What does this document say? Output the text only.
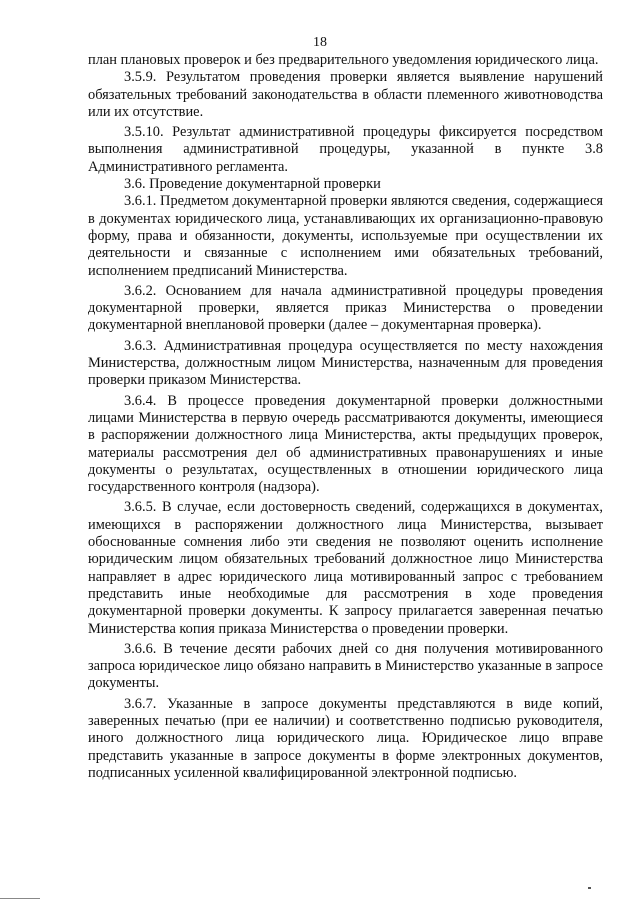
18

план плановых проверок и без предварительного уведомления юридического лица.

3.5.9. Результатом проведения проверки является выявление нарушений обязательных требований законодательства в области племенного животноводства или их отсутствие.

3.5.10. Результат административной процедуры фиксируется посредством выполнения административной процедуры, указанной в пункте 3.8 Административного регламента.

3.6. Проведение документарной проверки

3.6.1. Предметом документарной проверки являются сведения, содержащиеся в документах юридического лица, устанавливающих их организационно-правовую форму, права и обязанности, документы, используемые при осуществлении их деятельности и связанные с исполнением ими обязательных требований, исполнением предписаний Министерства.

3.6.2. Основанием для начала административной процедуры проведения документарной проверки, является приказ Министерства о проведении документарной внеплановой проверки (далее – документарная проверка).

3.6.3. Административная процедура осуществляется по месту нахождения Министерства, должностным лицом Министерства, назначенным для проведения проверки приказом Министерства.

3.6.4. В процессе проведения документарной проверки должностными лицами Министерства в первую очередь рассматриваются документы, имеющиеся в распоряжении должностного лица Министерства, акты предыдущих проверок, материалы рассмотрения дел об административных правонарушениях и иные документы о результатах, осуществленных в отношении юридического лица государственного контроля (надзора).

3.6.5. В случае, если достоверность сведений, содержащихся в документах, имеющихся в распоряжении должностного лица Министерства, вызывает обоснованные сомнения либо эти сведения не позволяют оценить исполнение юридическим лицом обязательных требований должностное лицо Министерства направляет в адрес юридического лица мотивированный запрос с требованием представить иные необходимые для рассмотрения в ходе проведения документарной проверки документы. К запросу прилагается заверенная печатью Министерства копия приказа Министерства о проведении проверки.

3.6.6. В течение десяти рабочих дней со дня получения мотивированного запроса юридическое лицо обязано направить в Министерство указанные в запросе документы.

3.6.7. Указанные в запросе документы представляются в виде копий, заверенных печатью (при ее наличии) и соответственно подписью руководителя, иного должностного лица юридического лица. Юридическое лицо вправе представить указанные в запросе документы в форме электронных документов, подписанных усиленной квалифицированной электронной подписью.
